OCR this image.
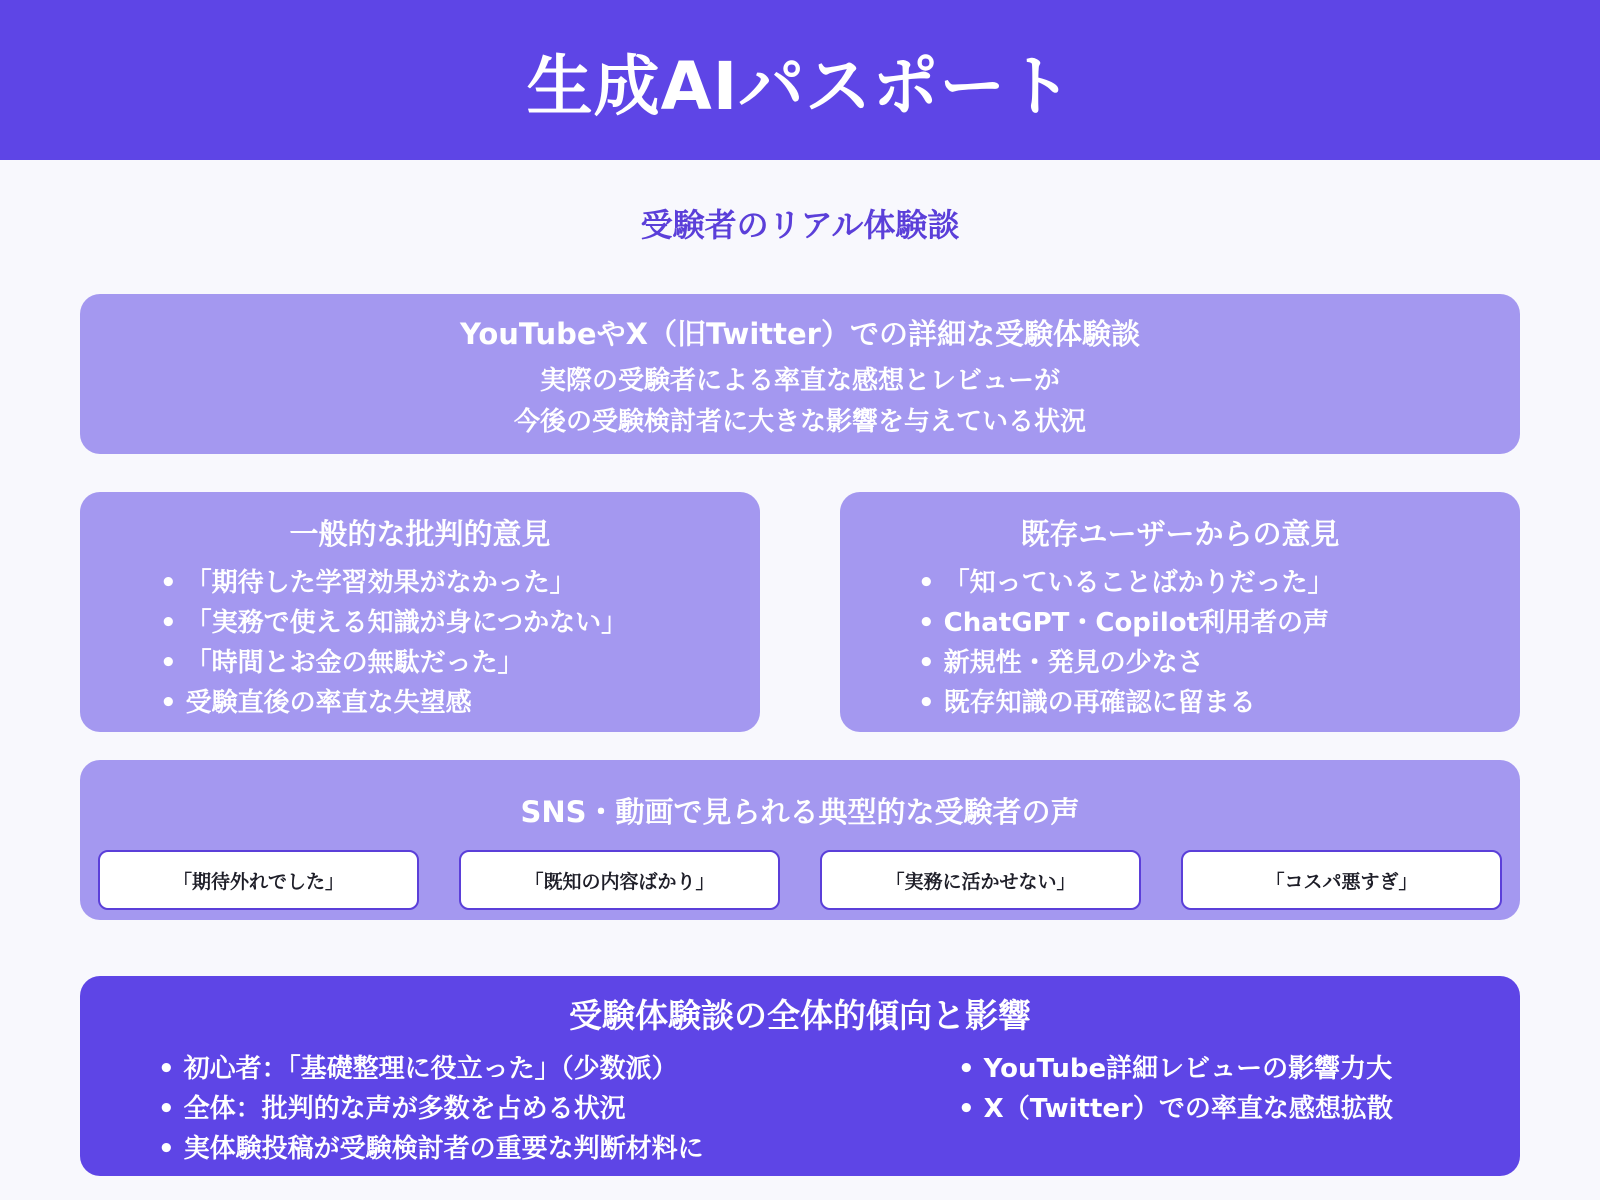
生成AIパスポート
受験者のリアル体験談
YouTubeやX（旧Twitter）での詳細な受験体験談
実際の受験者による率直な感想とレビューが
今後の受験検討者に大きな影響を与えている状況
一般的な批判的意見
• 「期待した学習効果がなかった」
• 「実務で使える知識が身につかない」
• 「時間とお金の無駄だった」
• 受験直後の率直な失望感
既存ユーザーからの意見
• 「知っていることばかりだった」
• ChatGPT・Copilot利用者の声
• 新規性・発見の少なさ
• 既存知識の再確認に留まる
SNS・動画で見られる典型的な受験者の声
「期待外れでした」	「既知の内容ばかり」	「実務に活かせない」	「コスパ悪すぎ」
受験体験談の全体的傾向と影響
• 初心者：「基礎整理に役立った」（少数派）
• 全体：批判的な声が多数を占める状況
• 実体験投稿が受験検討者の重要な判断材料に
• YouTube詳細レビューの影響力大
• X（Twitter）での率直な感想拡散
